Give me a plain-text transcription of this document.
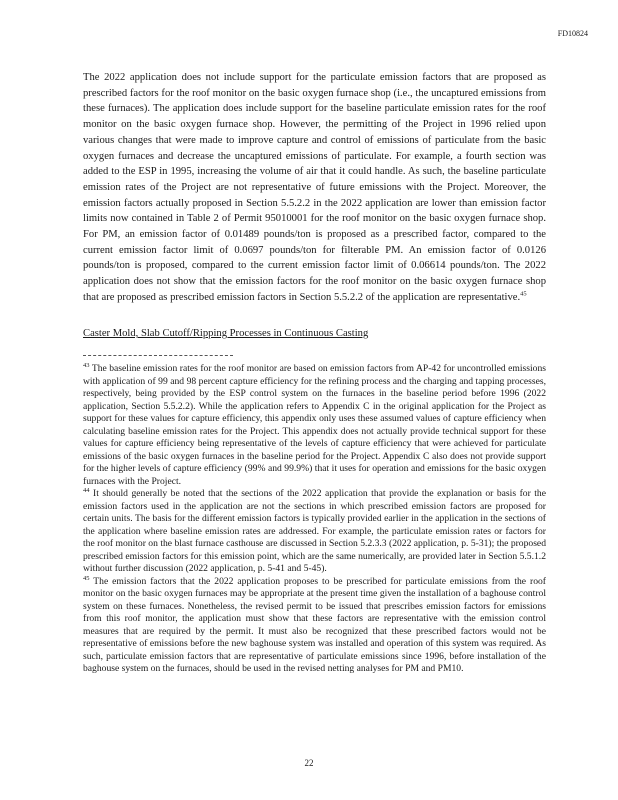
FD10824

The 2022 application does not include support for the particulate emission factors that are proposed as prescribed factors for the roof monitor on the basic oxygen furnace shop (i.e., the uncaptured emissions from these furnaces). The application does include support for the baseline particulate emission rates for the roof monitor on the basic oxygen furnace shop. However, the permitting of the Project in 1996 relied upon various changes that were made to improve capture and control of emissions of particulate from the basic oxygen furnaces and decrease the uncaptured emissions of particulate. For example, a fourth section was added to the ESP in 1995, increasing the volume of air that it could handle. As such, the baseline particulate emission rates of the Project are not representative of future emissions with the Project. Moreover, the emission factors actually proposed in Section 5.5.2.2 in the 2022 application are lower than emission factor limits now contained in Table 2 of Permit 95010001 for the roof monitor on the basic oxygen furnace shop. For PM, an emission factor of 0.01489 pounds/ton is proposed as a prescribed factor, compared to the current emission factor limit of 0.0697 pounds/ton for filterable PM. An emission factor of 0.0126 pounds/ton is proposed, compared to the current emission factor limit of 0.06614 pounds/ton. The 2022 application does not show that the emission factors for the roof monitor on the basic oxygen furnace shop that are proposed as prescribed emission factors in Section 5.5.2.2 of the application are representative.$^{45}$

Caster Mold, Slab Cutoff/Ripping Processes in Continuous Casting

$^{43}$ The baseline emission rates for the roof monitor are based on emission factors from AP-42 for uncontrolled emissions with application of 99 and 98 percent capture efficiency for the refining process and the charging and tapping processes, respectively, being provided by the ESP control system on the furnaces in the baseline period before 1996 (2022 application, Section 5.5.2.2). While the application refers to Appendix C in the original application for the Project as support for these values for capture efficiency, this appendix only uses these assumed values of capture efficiency when calculating baseline emission rates for the Project. This appendix does not actually provide technical support for these values for capture efficiency being representative of the levels of capture efficiency that were achieved for particulate emissions of the basic oxygen furnaces in the baseline period for the Project. Appendix C also does not provide support for the higher levels of capture efficiency (99% and 99.9%) that it uses for operation and emissions for the basic oxygen furnaces with the Project.

$^{44}$ It should generally be noted that the sections of the 2022 application that provide the explanation or basis for the emission factors used in the application are not the sections in which prescribed emission factors are proposed for certain units. The basis for the different emission factors is typically provided earlier in the application in the sections of the application where baseline emission rates are addressed. For example, the particulate emission rates or factors for the roof monitor on the blast furnace casthouse are discussed in Section 5.2.3.3 (2022 application, p. 5-31); the proposed prescribed emission factors for this emission point, which are the same numerically, are provided later in Section 5.5.1.2 without further discussion (2022 application, p. 5-41 and 5-45).

$^{45}$ The emission factors that the 2022 application proposes to be prescribed for particulate emissions from the roof monitor on the basic oxygen furnaces may be appropriate at the present time given the installation of a baghouse control system on these furnaces. Nonetheless, the revised permit to be issued that prescribes emission factors for emissions from this roof monitor, the application must show that these factors are representative with the emission control measures that are required by the permit. It must also be recognized that these prescribed factors would not be representative of emissions before the new baghouse system was installed and operation of this system was required. As such, particulate emission factors that are representative of particulate emissions since 1996, before installation of the baghouse system on the furnaces, should be used in the revised netting analyses for PM and PM10.

22
